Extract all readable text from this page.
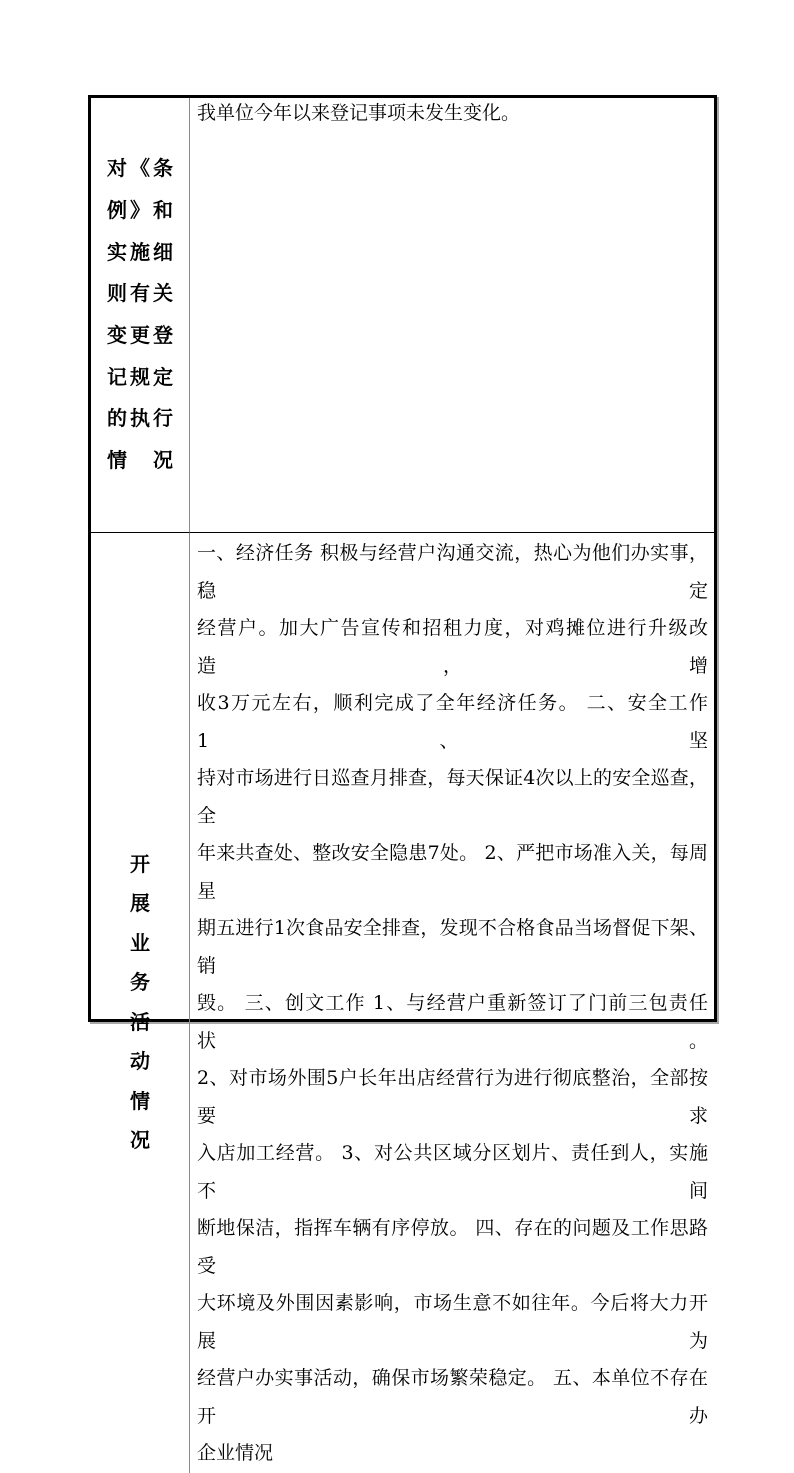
对《条
例》和
实施细
则有关
变更登
记规定
的执行
情况
我单位今年以来登记事项未发生变化。
开
展
业
务
活
动
情
况
一、经济任务 积极与经营户沟通交流，热心为他们办实事，稳定
经营户。加大广告宣传和招租力度，对鸡摊位进行升级改造，增
收3万元左右，顺利完成了全年经济任务。 二、安全工作 1、坚
持对市场进行日巡查月排查，每天保证4次以上的安全巡查，全
年来共查处、整改安全隐患7处。 2、严把市场准入关，每周星
期五进行1次食品安全排查，发现不合格食品当场督促下架、销
毁。 三、创文工作 1、与经营户重新签订了门前三包责任状。
2、对市场外围5户长年出店经营行为进行彻底整治，全部按要求
入店加工经营。 3、对公共区域分区划片、责任到人，实施不间
断地保洁，指挥车辆有序停放。 四、存在的问题及工作思路 受
大环境及外围因素影响，市场生意不如往年。今后将大力开展为
经营户办实事活动，确保市场繁荣稳定。 五、本单位不存在开办
企业情况
